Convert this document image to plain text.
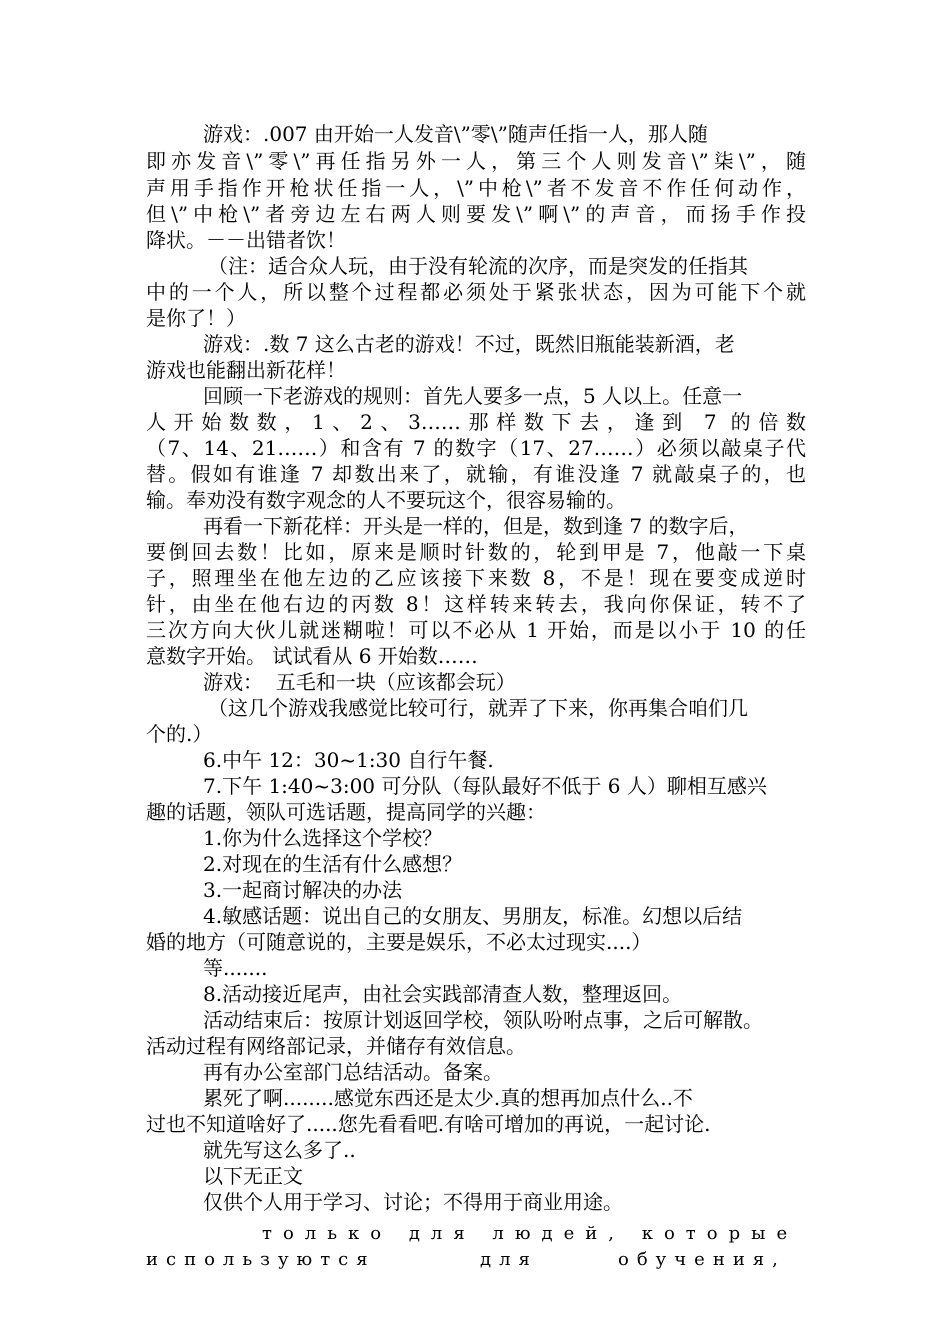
游戏：.007 由开始一人发音\”零\”随声任指一人，那人随
即亦发音\”零\”再任指另外一人，第三个人则发音\”柒\”，随
声用手指作开枪状任指一人，\”中枪\”者不发音不作任何动作，
但\”中枪\”者旁边左右两人则要发\”啊\”的声音，而扬手作投
降状。－－出错者饮！
（注：适合众人玩，由于没有轮流的次序，而是突发的任指其
中的一个人，所以整个过程都必须处于紧张状态，因为可能下个就
是你了！）
游戏：.数 7 这么古老的游戏！不过，既然旧瓶能装新酒，老
游戏也能翻出新花样！
回顾一下老游戏的规则：首先人要多一点，5 人以上。任意一
人开始数数，1、2、3……那样数下去，逢到 7 的倍数
（7、14、21……）和含有 7 的数字（17、27……）必须以敲桌子代
替。假如有谁逢 7 却数出来了，就输，有谁没逢 7 就敲桌子的，也
输。奉劝没有数字观念的人不要玩这个，很容易输的。
再看一下新花样：开头是一样的，但是，数到逢 7 的数字后，
要倒回去数！比如，原来是顺时针数的，轮到甲是 7，他敲一下桌
子，照理坐在他左边的乙应该接下来数 8，不是！现在要变成逆时
针，由坐在他右边的丙数 8！这样转来转去，我向你保证，转不了
三次方向大伙儿就迷糊啦！可以不必从 1 开始，而是以小于 10 的任
意数字开始。 试试看从 6 开始数……
游戏：  五毛和一块（应该都会玩）
（这几个游戏我感觉比较可行，就弄了下来，你再集合咱们几
个的.）
6.中午 12：30~1:30 自行午餐.
7.下午 1:40~3:00 可分队（每队最好不低于 6 人）聊相互感兴
趣的话题，领队可选话题，提高同学的兴趣：
1.你为什么选择这个学校？
2.对现在的生活有什么感想？
3.一起商讨解决的办法
4.敏感话题：说出自己的女朋友、男朋友，标准。幻想以后结
婚的地方（可随意说的，主要是娱乐，不必太过现实....）
等.......
8.活动接近尾声，由社会实践部清查人数，整理返回。
活动结束后：按原计划返回学校，领队吩咐点事，之后可解散。
活动过程有网络部记录，并储存有效信息。
再有办公室部门总结活动。备案。
累死了啊........感觉东西还是太少.真的想再加点什么..不
过也不知道啥好了.....您先看看吧.有啥可增加的再说，一起讨论.
就先写这么多了..
以下无正文
仅供个人用于学习、讨论；不得用于商业用途。
только для людей, которые
используются	для	обучения,
